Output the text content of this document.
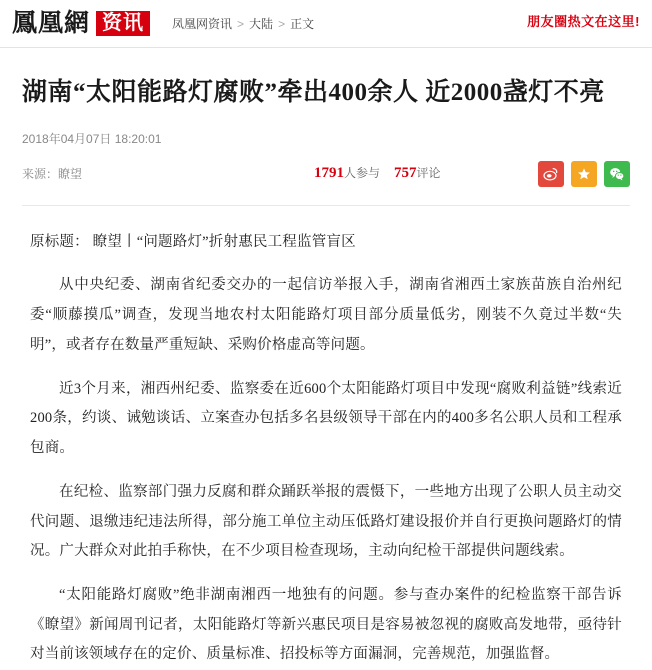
鳳凰網 资讯	凤凰网资讯 > 大陆 > 正文	朋友圈热文在这里!
湖南“太阳能路灯腐败”牵出400余人 近2000盏灯不亮
2018年04月07日 18:20:01
来源：瞭望	1791人参与 757评论

原标题： 瞭望丨“问题路灯”折射惠民工程监管盲区

从中央纪委、湖南省纪委交办的一起信访举报入手，湖南省湘西土家族苗族自治州纪委“顺藤摸瓜”调查，发现当地农村太阳能路灯项目部分质量低劣，刚装不久竟过半数“失明”，或者存在数量严重短缺、采购价格虚高等问题。

近3个月来，湘西州纪委、监察委在近600个太阳能路灯项目中发现“腐败利益链”线索近200条，约谈、诫勉谈话、立案查办包括多名县级领导干部在内的400多名公职人员和工程承包商。

在纪检、监察部门强力反腐和群众踊跃举报的震慑下，一些地方出现了公职人员主动交代问题、退缴违纪违法所得，部分施工单位主动压低路灯建设报价并自行更换问题路灯的情况。广大群众对此拍手称快，在不少项目检查现场，主动向纪检干部提供问题线索。

“太阳能路灯腐败”绝非湖南湘西一地独有的问题。参与查办案件的纪检监察干部告诉《瞭望》新闻周刊记者，太阳能路灯等新兴惠民项目是容易被忽视的腐败高发地带，亟待针对当前该领域存在的定价、质量标准、招投标等方面漏洞，完善规范，加强监督。
